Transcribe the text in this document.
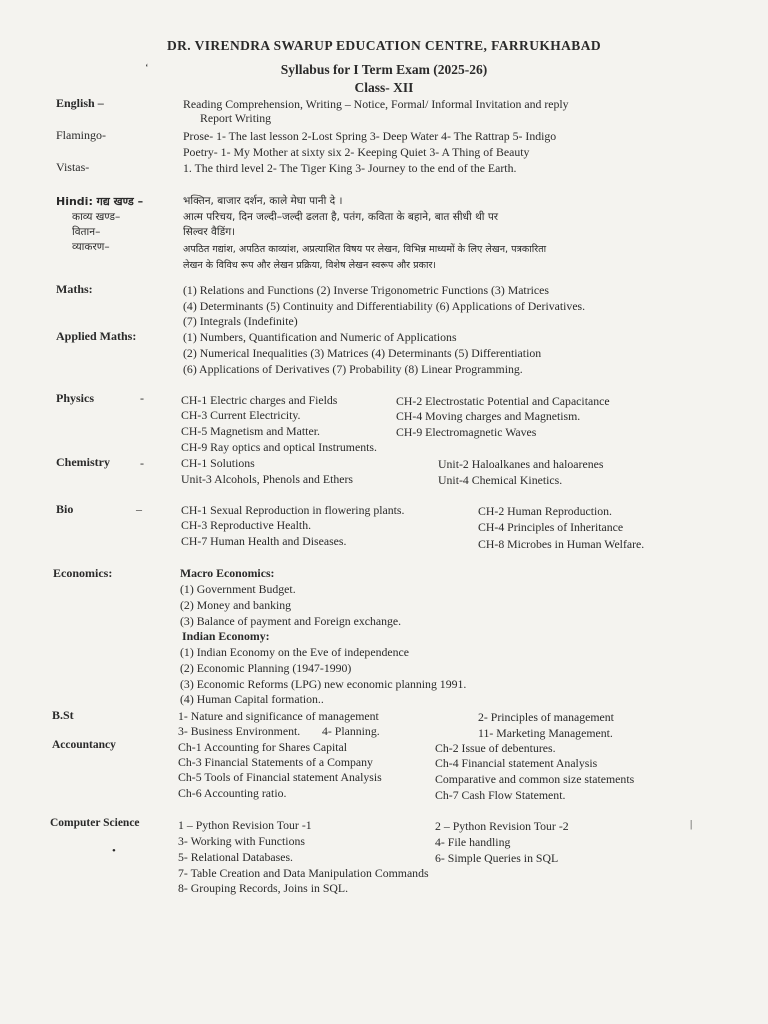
DR. VIRENDRA SWARUP EDUCATION CENTRE, FARRUKHABAD
Syllabus for I Term Exam (2025-26)
Class- XII
English –	Reading Comprehension, Writing – Notice, Formal/ Informal Invitation and reply
Report Writing
Flamingo-	Prose- 1- The last lesson 2-Lost Spring 3- Deep Water 4- The Rattrap 5- Indigo
Poetry- 1- My Mother at sixty six 2- Keeping Quiet 3- A Thing of Beauty
Vistas-	1. The third level 2- The Tiger King 3- Journey to the end of the Earth.
Hindi: गद्य खण्ड –	भक्तिन, बाजार दर्शन, काले मेघा पानी दे ।
काव्य खण्ड–	आत्म परिचय, दिन जल्दी–जल्दी ढलता है, पतंग, कविता के बहाने, बात सीधी थी पर
वितान–	सिल्वर वैडिंग।
व्याकरण–	अपठित गद्यांश, अपठित काव्यांश, अप्रत्याशित विषय पर लेखन, विभिन्न माध्यमों के लिए लेखन, पत्रकारिता
लेखन के विविध रूप और लेखन प्रक्रिया, विशेष लेखन स्वरूप और प्रकार।
Maths:	(1) Relations and Functions (2) Inverse Trigonometric Functions (3) Matrices
(4) Determinants (5) Continuity and Differentiability (6) Applications of Derivatives.
(7) Integrals (Indefinite)
Applied Maths:	(1) Numbers, Quantification and Numeric of Applications
(2) Numerical Inequalities (3) Matrices (4) Determinants (5) Differentiation
(6) Applications of Derivatives (7) Probability (8) Linear Programming.
Physics	-	CH-1 Electric charges and Fields	CH-2 Electrostatic Potential and Capacitance
CH-3 Current Electricity.	CH-4 Moving charges and Magnetism.
CH-5 Magnetism and Matter.	CH-9 Electromagnetic Waves
CH-9 Ray optics and optical Instruments.
Chemistry	-	CH-1 Solutions	Unit-2 Haloalkanes and haloarenes
Unit-3 Alcohols, Phenols and Ethers	Unit-4 Chemical Kinetics.
Bio	–	CH-1 Sexual Reproduction in flowering plants.	CH-2 Human Reproduction.
CH-3 Reproductive Health.	CH-4 Principles of Inheritance
CH-7 Human Health and Diseases.	CH-8 Microbes in Human Welfare.
Economics:	Macro Economics:
(1) Government Budget.
(2) Money and banking
(3) Balance of payment and Foreign exchange.
Indian Economy:
(1) Indian Economy on the Eve of independence
(2) Economic Planning (1947-1990)
(3) Economic Reforms (LPG) new economic planning 1991.
(4) Human Capital formation..
B.St	1- Nature and significance of management	2- Principles of management
3- Business Environment. 4- Planning.	11- Marketing Management.
Accountancy	Ch-1 Accounting for Shares Capital	Ch-2 Issue of debentures.
Ch-3 Financial Statements of a Company	Ch-4 Financial statement Analysis
Ch-5 Tools of Financial statement Analysis	Comparative and common size statements
Ch-6 Accounting ratio.	Ch-7 Cash Flow Statement.
Computer Science	1 – Python Revision Tour -1	2 – Python Revision Tour -2
3- Working with Functions	4- File handling
5- Relational Databases.	6- Simple Queries in SQL
7- Table Creation and Data Manipulation Commands
8- Grouping Records, Joins in SQL.
‘
•
|
